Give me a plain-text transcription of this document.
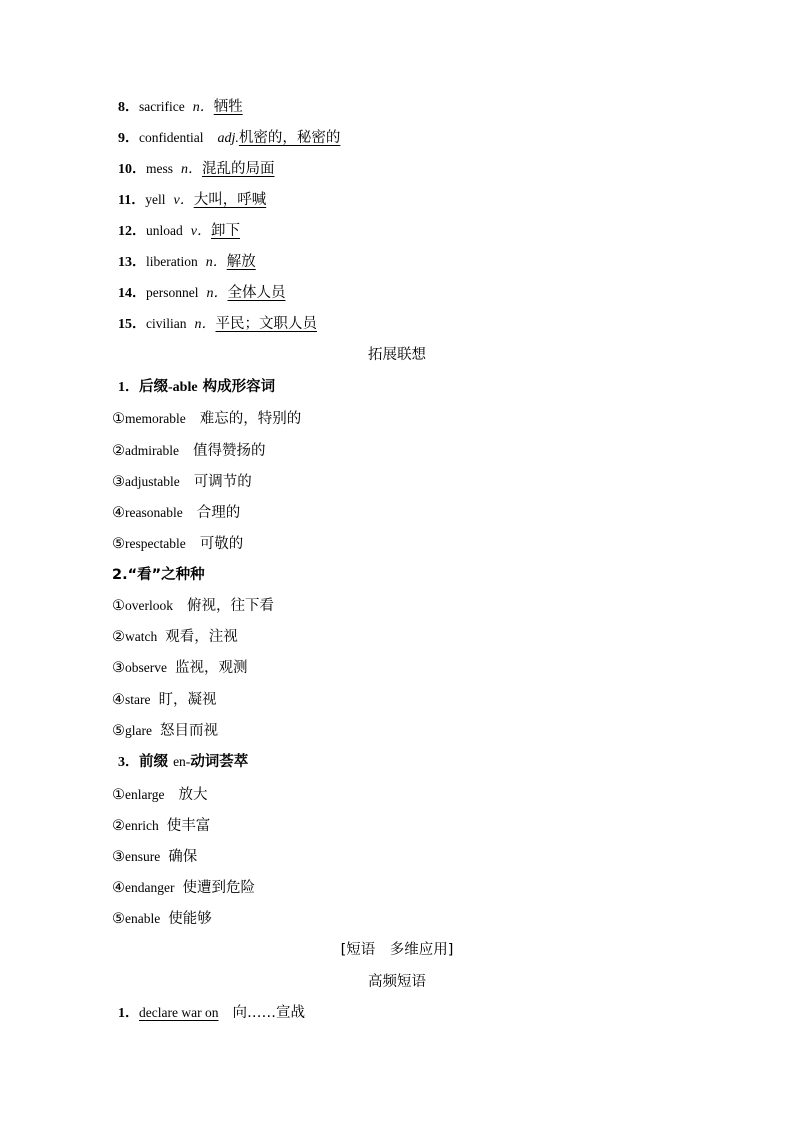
8．sacrifice n．牺牲
9．confidential adj.机密的，秘密的
10．mess n．混乱的局面
11．yell v．大叫，呼喊
12．unload v．卸下
13．liberation n．解放
14．personnel n．全体人员
15．civilian n．平民；文职人员
拓展联想
1．后缀-able 构成形容词
①memorable 难忘的，特别的
②admirable 值得赞扬的
③adjustable 可调节的
④reasonable 合理的
⑤respectable 可敬的
2.“看”之种种
①overlook 俯视，往下看
②watch 观看，注视
③observe 监视，观测
④stare 盯，凝视
⑤glare 怒目而视
3．前缀 en-动词荟萃
①enlarge 放大
②enrich 使丰富
③ensure 确保
④endanger 使遭到危险
⑤enable 使能够
[短语　多维应用]
高频短语
1．declare war on 向……宣战
